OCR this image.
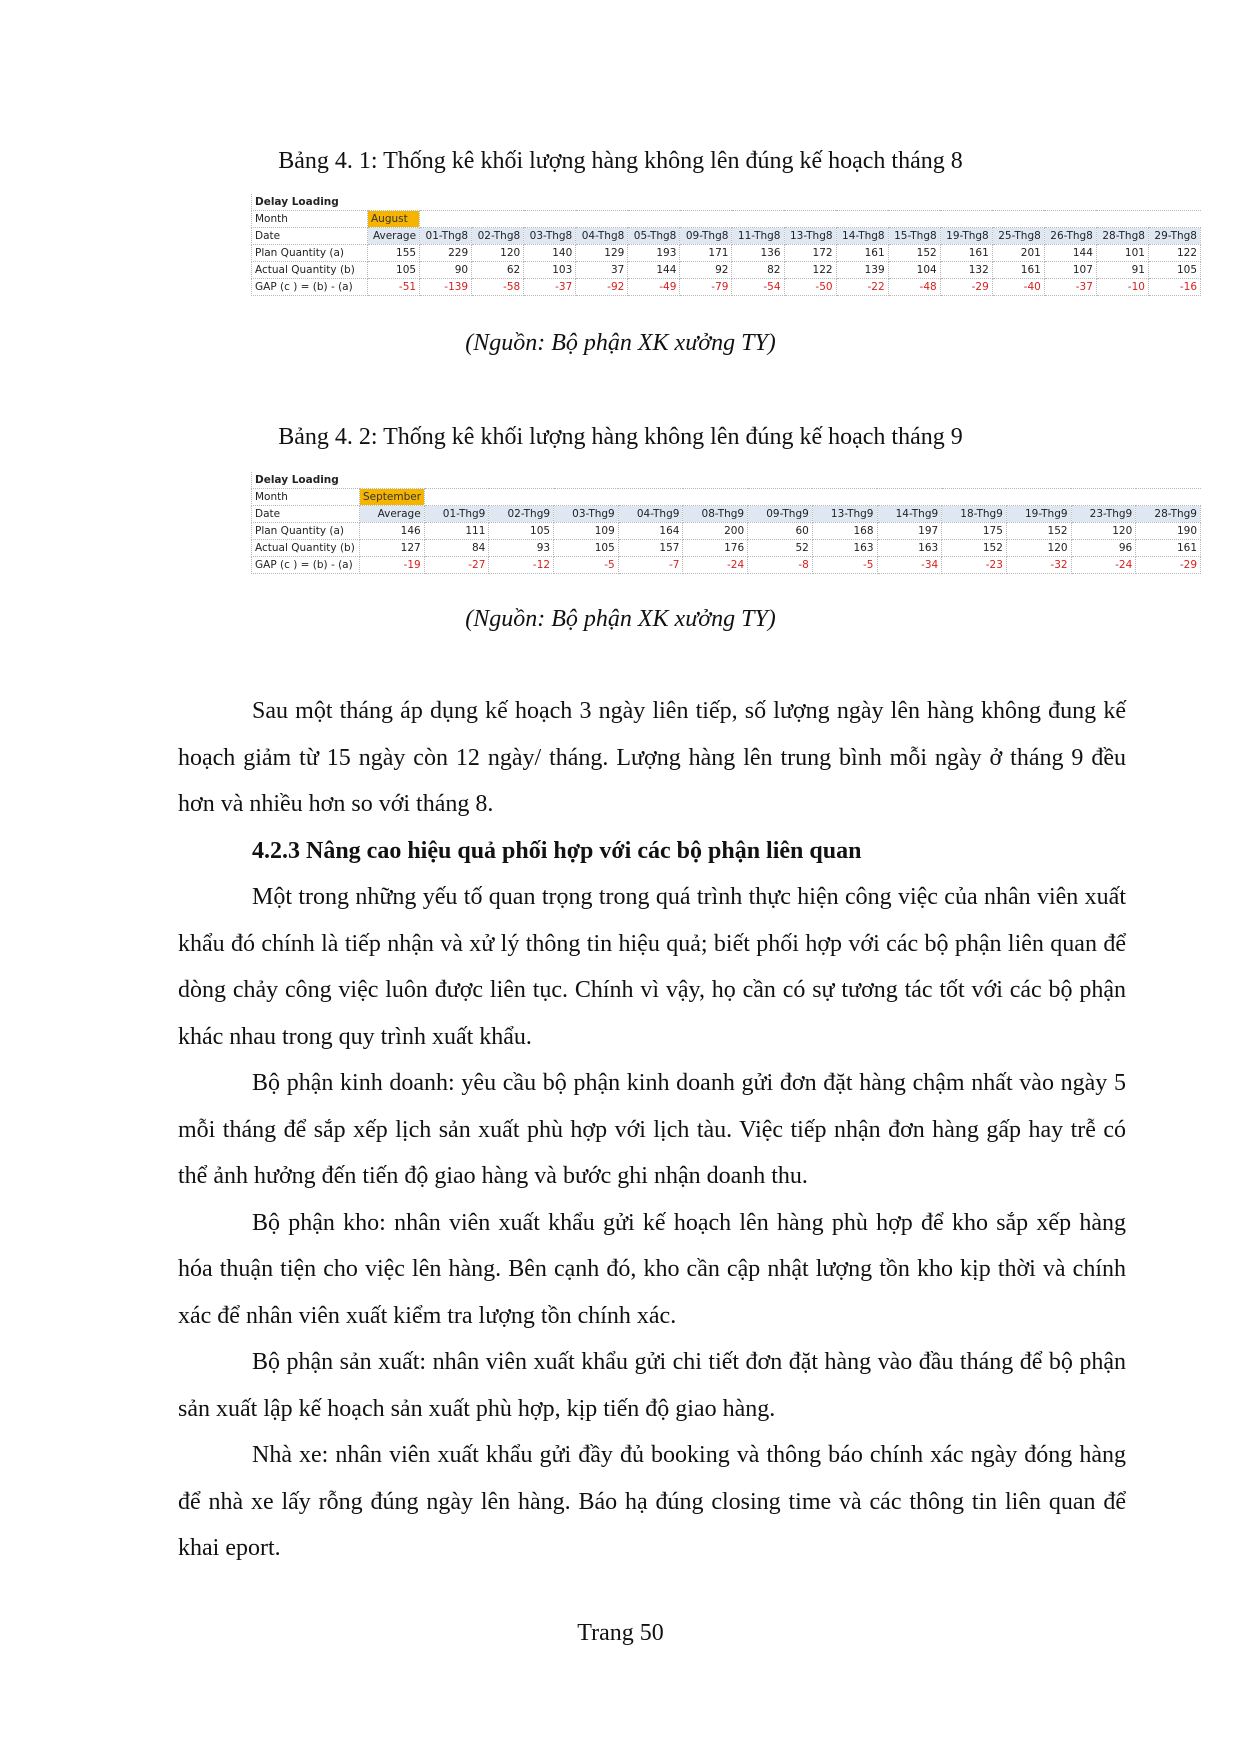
Bảng 4. 1: Thống kê khối lượng hàng không lên đúng kế hoạch tháng 8
Delay Loading																
Month	August															
Date	Average	01-Thg8	02-Thg8	03-Thg8	04-Thg8	05-Thg8	09-Thg8	11-Thg8	13-Thg8	14-Thg8	15-Thg8	19-Thg8	25-Thg8	26-Thg8	28-Thg8	29-Thg8
Plan Quantity (a)	155	229	120	140	129	193	171	136	172	161	152	161	201	144	101	122
Actual Quantity (b)	105	90	62	103	37	144	92	82	122	139	104	132	161	107	91	105
GAP (c ) = (b) - (a)	-51	-139	-58	-37	-92	-49	-79	-54	-50	-22	-48	-29	-40	-37	-10	-16
(Nguồn: Bộ phận XK xưởng TY)
Bảng 4. 2: Thống kê khối lượng hàng không lên đúng kế hoạch tháng 9
Delay Loading													
Month	September												
Date	Average	01-Thg9	02-Thg9	03-Thg9	04-Thg9	08-Thg9	09-Thg9	13-Thg9	14-Thg9	18-Thg9	19-Thg9	23-Thg9	28-Thg9
Plan Quantity (a)	146	111	105	109	164	200	60	168	197	175	152	120	190
Actual Quantity (b)	127	84	93	105	157	176	52	163	163	152	120	96	161
GAP (c ) = (b) - (a)	-19	-27	-12	-5	-7	-24	-8	-5	-34	-23	-32	-24	-29
(Nguồn: Bộ phận XK xưởng TY)

Sau một tháng áp dụng kế hoạch 3 ngày liên tiếp, số lượng ngày lên hàng không đung kế hoạch giảm từ 15 ngày còn 12 ngày/ tháng. Lượng hàng lên trung bình mỗi ngày ở tháng 9 đều hơn và nhiều hơn so với tháng 8.

4.2.3 Nâng cao hiệu quả phối hợp với các bộ phận liên quan

Một trong những yếu tố quan trọng trong quá trình thực hiện công việc của nhân viên xuất khẩu đó chính là tiếp nhận và xử lý thông tin hiệu quả; biết phối hợp với các bộ phận liên quan để dòng chảy công việc luôn được liên tục. Chính vì vậy, họ cần có sự tương tác tốt với các bộ phận khác nhau trong quy trình xuất khẩu.

Bộ phận kinh doanh: yêu cầu bộ phận kinh doanh gửi đơn đặt hàng chậm nhất vào ngày 5 mỗi tháng để sắp xếp lịch sản xuất phù hợp với lịch tàu. Việc tiếp nhận đơn hàng gấp hay trễ có thể ảnh hưởng đến tiến độ giao hàng và bước ghi nhận doanh thu.

Bộ phận kho: nhân viên xuất khẩu gửi kế hoạch lên hàng phù hợp để kho sắp xếp hàng hóa thuận tiện cho việc lên hàng. Bên cạnh đó, kho cần cập nhật lượng tồn kho kịp thời và chính xác để nhân viên xuất kiểm tra lượng tồn chính xác.

Bộ phận sản xuất: nhân viên xuất khẩu gửi chi tiết đơn đặt hàng vào đầu tháng để bộ phận sản xuất lập kế hoạch sản xuất phù hợp, kịp tiến độ giao hàng.

Nhà xe: nhân viên xuất khẩu gửi đầy đủ booking và thông báo chính xác ngày đóng hàng để nhà xe lấy rỗng đúng ngày lên hàng. Báo hạ đúng closing time và các thông tin liên quan để khai eport.

Trang 50
